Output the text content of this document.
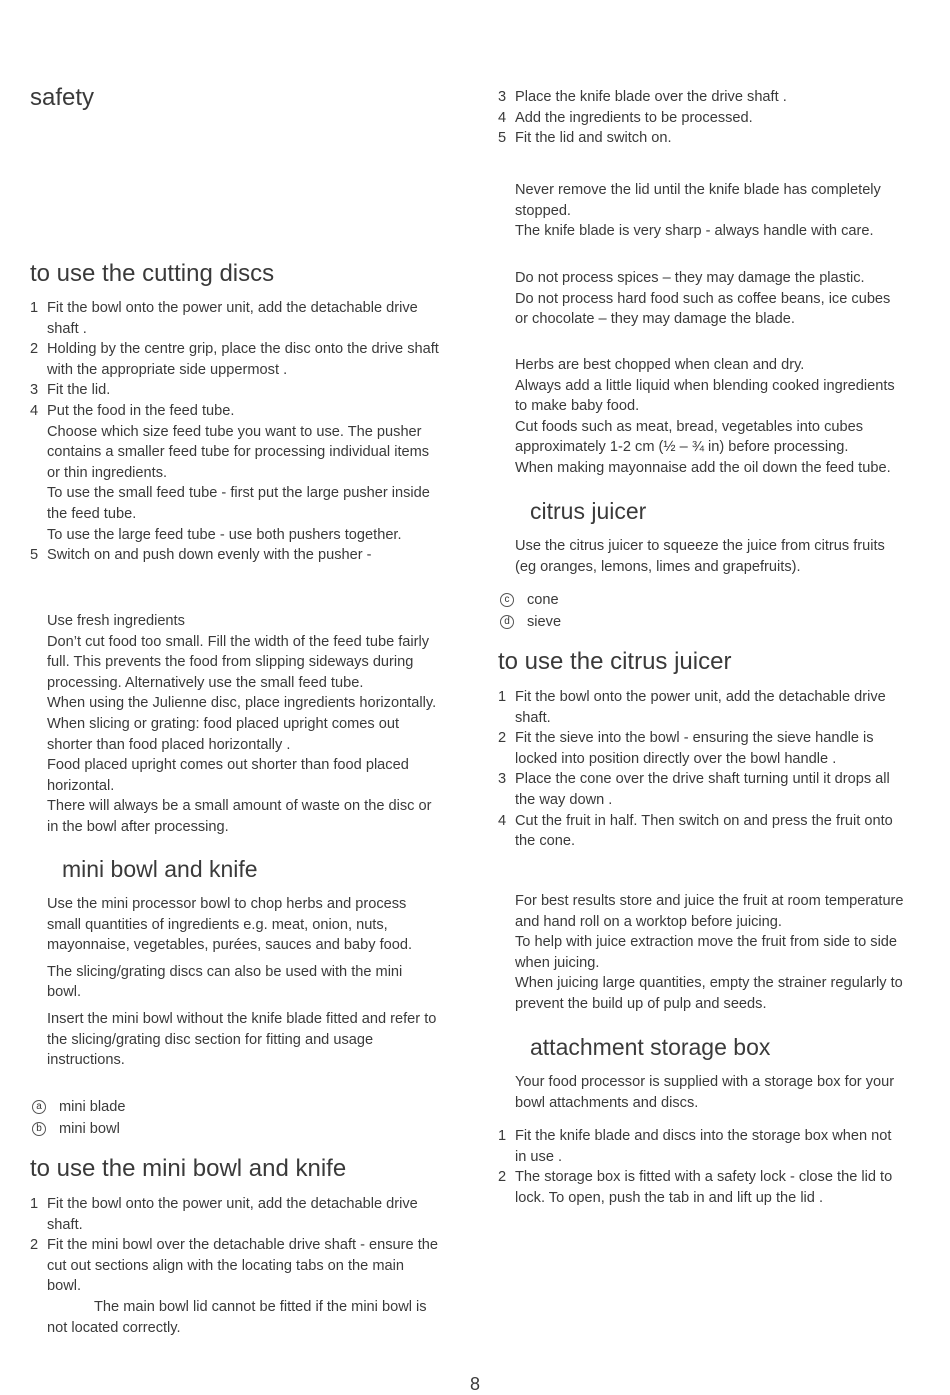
safety
to use the cutting discs
1 Fit the bowl onto the power unit, add the detachable drive
shaft .
2 Holding by the centre grip, place the disc onto the drive shaft
with the appropriate side uppermost .
3 Fit the lid.
4 Put the food in the feed tube.
Choose which size feed tube you want to use. The pusher
contains a smaller feed tube for processing individual items
or thin ingredients.
To use the small feed tube - first put the large pusher inside
the feed tube.
To use the large feed tube - use both pushers together.
5 Switch on and push down evenly with the pusher -
Use fresh ingredients
Don’t cut food too small. Fill the width of the feed tube fairly
full. This prevents the food from slipping sideways during
processing. Alternatively use the small feed tube.
When using the Julienne disc, place ingredients horizontally.
When slicing or grating: food placed upright comes out
shorter than food placed horizontally .
Food placed upright comes out shorter than food placed
horizontal.
There will always be a small amount of waste on the disc or
in the bowl after processing.
mini bowl and knife
Use the mini processor bowl to chop herbs and process
small quantities of ingredients e.g. meat, onion, nuts,
mayonnaise, vegetables, purées, sauces and baby food.
The slicing/grating discs can also be used with the mini
bowl.
Insert the mini bowl without the knife blade fitted and refer to
the slicing/grating disc section for fitting and usage
instructions.
a mini blade
b mini bowl
to use the mini bowl and knife
1 Fit the bowl onto the power unit, add the detachable drive
shaft.
2 Fit the mini bowl over the detachable drive shaft - ensure the
cut out sections align with the locating tabs on the main
bowl.
The main bowl lid cannot be fitted if the mini bowl is
not located correctly.
3 Place the knife blade over the drive shaft .
4 Add the ingredients to be processed.
5 Fit the lid and switch on.
Never remove the lid until the knife blade has completely
stopped.
The knife blade is very sharp - always handle with care.
Do not process spices – they may damage the plastic.
Do not process hard food such as coffee beans, ice cubes
or chocolate – they may damage the blade.
Herbs are best chopped when clean and dry.
Always add a little liquid when blending cooked ingredients
to make baby food.
Cut foods such as meat, bread, vegetables into cubes
approximately 1-2 cm (½ – ¾ in) before processing.
When making mayonnaise add the oil down the feed tube.
citrus juicer
Use the citrus juicer to squeeze the juice from citrus fruits
(eg oranges, lemons, limes and grapefruits).
c	cone
d sieve
to use the citrus juicer
1 Fit the bowl onto the power unit, add the detachable drive
shaft.
2 Fit the sieve into the bowl - ensuring the sieve handle is
locked into position directly over the bowl handle .
3 Place the cone over the drive shaft turning until it drops all
the way down .
4 Cut the fruit in half. Then switch on and press the fruit onto
the cone.
For best results store and juice the fruit at room temperature
and hand roll on a worktop before juicing.
To help with juice extraction move the fruit from side to side
when juicing.
When juicing large quantities, empty the strainer regularly to
prevent the build up of pulp and seeds.
attachment storage box
Your food processor is supplied with a storage box for your
bowl attachments and discs.
1 Fit the knife blade and discs into the storage box when not
in use .
2 The storage box is fitted with a safety lock - close the lid to
lock. To open, push the tab in and lift up the lid .
8
